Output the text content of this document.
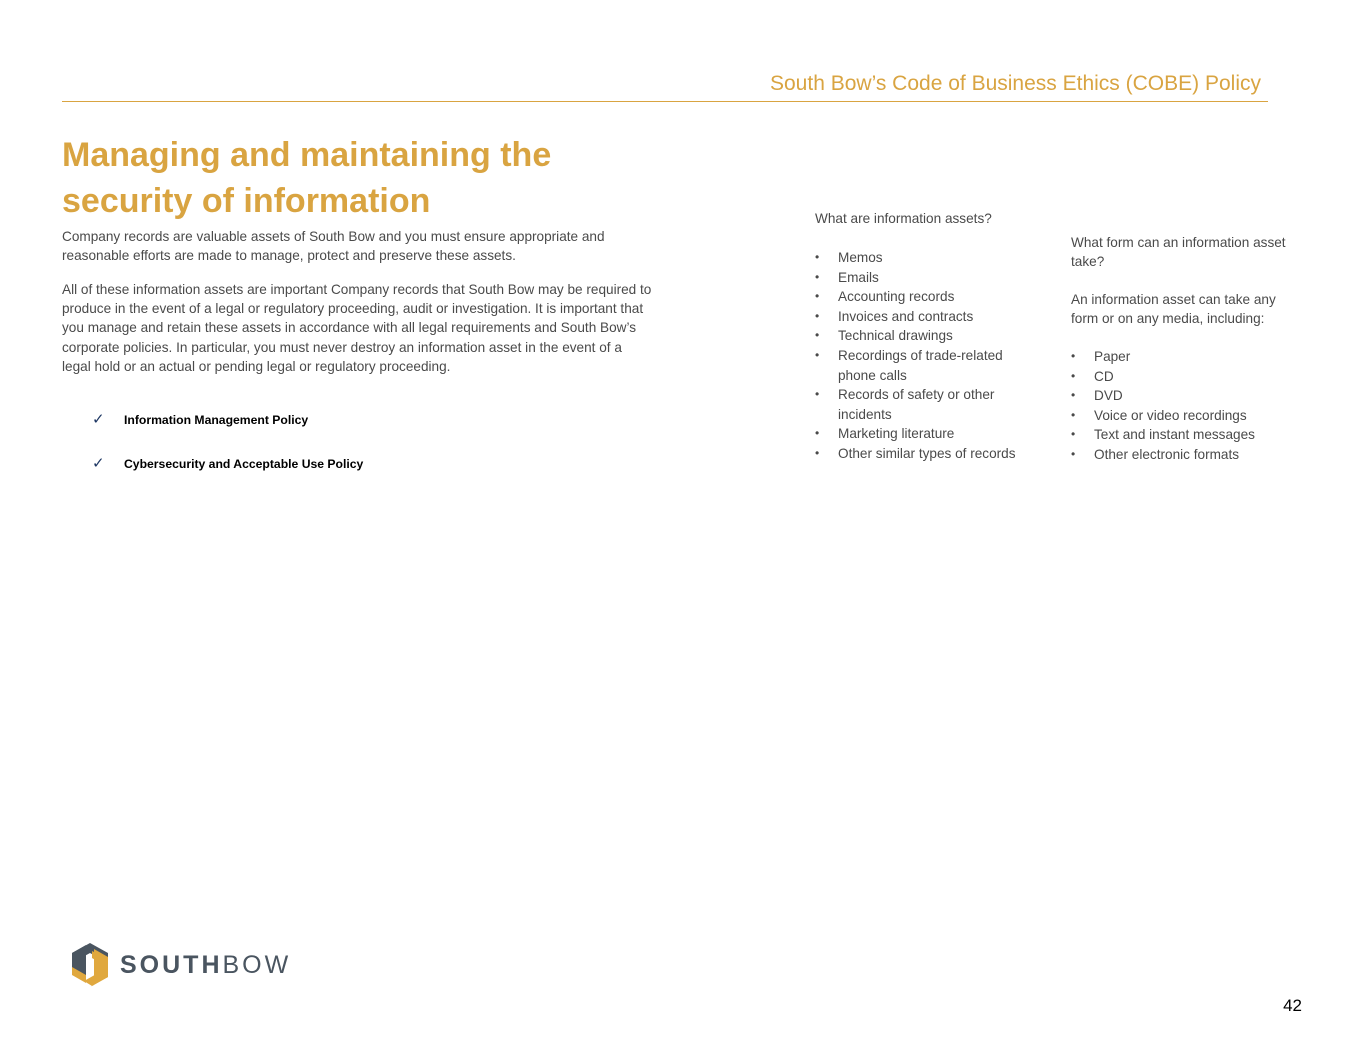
South Bow’s Code of Business Ethics (COBE) Policy
Managing and maintaining the security of information

Company records are valuable assets of South Bow and you must ensure appropriate and reasonable efforts are made to manage, protect and preserve these assets.

All of these information assets are important Company records that South Bow may be required to produce in the event of a legal or regulatory proceeding, audit or investigation. It is important that you manage and retain these assets in accordance with all legal requirements and South Bow’s corporate policies. In particular, you must never destroy an information asset in the event of a legal hold or an actual or pending legal or regulatory proceeding.

✓	Information Management Policy
✓	Cybersecurity and Acceptable Use Policy

What are information assets?

• Memos
• Emails
• Accounting records
• Invoices and contracts
• Technical drawings
• Recordings of trade-related phone calls
• Records of safety or other incidents
• Marketing literature
• Other similar types of records

What form can an information asset take?

An information asset can take any form or on any media, including:

• Paper
• CD
• DVD
• Voice or video recordings
• Text and instant messages
• Other electronic formats
SOUTHBOW
42
